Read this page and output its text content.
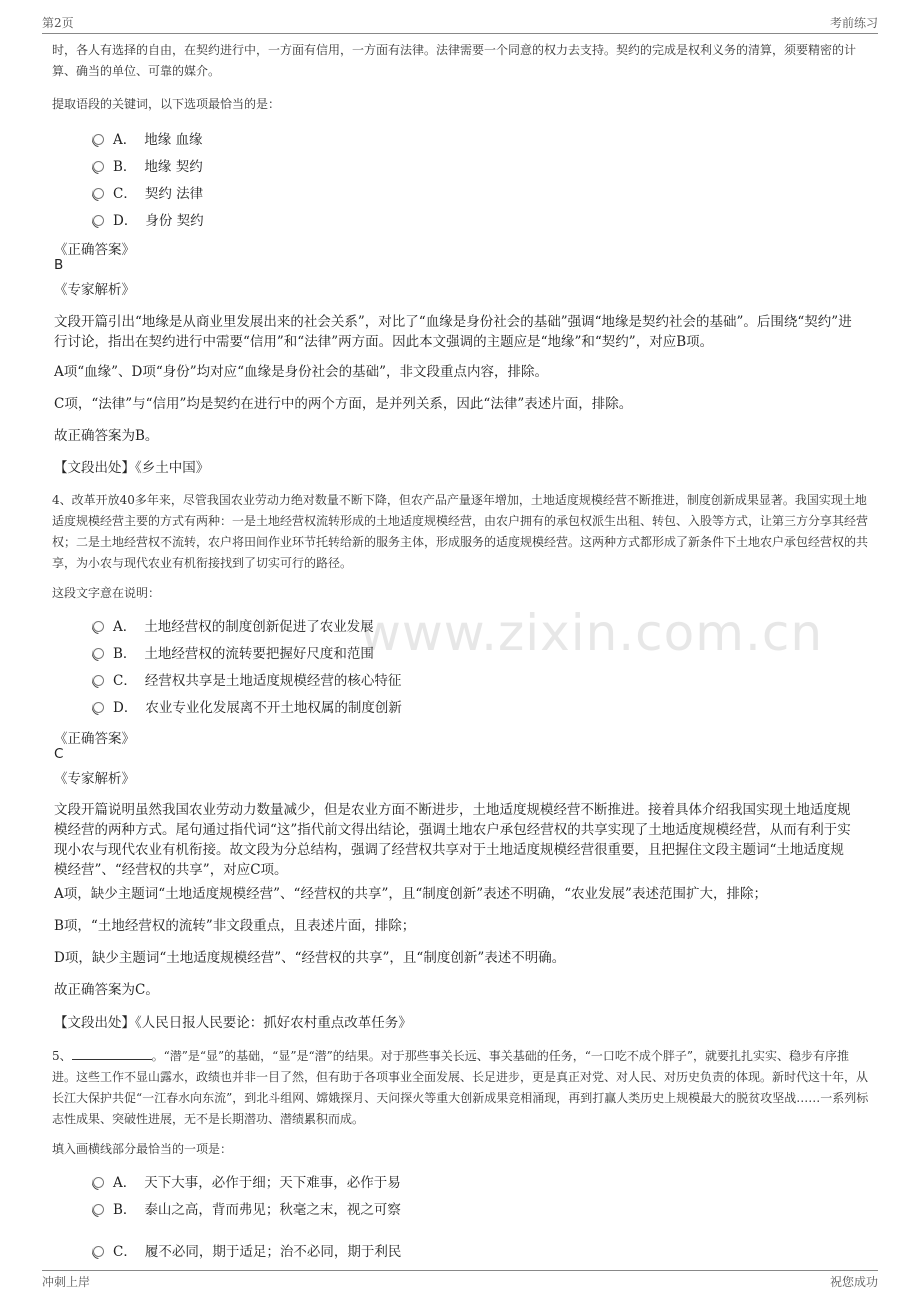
第2页	考前练习
www.zixin.com.cn
时，各人有选择的自由，在契约进行中，一方面有信用，一方面有法律。法律需要一个同意的权力去支持。契约的完成是权利义务的清算，须要精密的计算、确当的单位、可靠的媒介。
提取语段的关键词，以下选项最恰当的是：
A． 地缘 血缘
B． 地缘 契约
C． 契约 法律
D． 身份 契约
《正确答案》
B
《专家解析》
文段开篇引出“地缘是从商业里发展出来的社会关系”，对比了“血缘是身份社会的基础”强调“地缘是契约社会的基础”。后围绕“契约”进行讨论，指出在契约进行中需要“信用”和“法律”两方面。因此本文强调的主题应是“地缘”和“契约”，对应B项。
A项“血缘”、D项“身份”均对应“血缘是身份社会的基础”，非文段重点内容，排除。
C项，“法律”与“信用”均是契约在进行中的两个方面，是并列关系，因此“法律”表述片面，排除。
故正确答案为B。
【文段出处】《乡土中国》
4、改革开放40多年来，尽管我国农业劳动力绝对数量不断下降，但农产品产量逐年增加，土地适度规模经营不断推进，制度创新成果显著。我国实现土地适度规模经营主要的方式有两种：一是土地经营权流转形成的土地适度规模经营，由农户拥有的承包权派生出租、转包、入股等方式，让第三方分享其经营权；二是土地经营权不流转，农户将田间作业环节托转给新的服务主体，形成服务的适度规模经营。这两种方式都形成了新条件下土地农户承包经营权的共享，为小农与现代农业有机衔接找到了切实可行的路径。
这段文字意在说明：
A． 土地经营权的制度创新促进了农业发展
B． 土地经营权的流转要把握好尺度和范围
C． 经营权共享是土地适度规模经营的核心特征
D． 农业专业化发展离不开土地权属的制度创新
《正确答案》
C
《专家解析》
文段开篇说明虽然我国农业劳动力数量减少，但是农业方面不断进步，土地适度规模经营不断推进。接着具体介绍我国实现土地适度规模经营的两种方式。尾句通过指代词“这”指代前文得出结论，强调土地农户承包经营权的共享实现了土地适度规模经营，从而有利于实现小农与现代农业有机衔接。故文段为分总结构，强调了经营权共享对于土地适度规模经营很重要，且把握住文段主题词“土地适度规模经营”、“经营权的共享”，对应C项。
A项，缺少主题词“土地适度规模经营”、“经营权的共享”，且“制度创新”表述不明确，“农业发展”表述范围扩大，排除；
B项，“土地经营权的流转”非文段重点，且表述片面，排除；
D项，缺少主题词“土地适度规模经营”、“经营权的共享”，且“制度创新”表述不明确。
故正确答案为C。
【文段出处】《人民日报人民要论：抓好农村重点改革任务》
5、	。“潜”是“显”的基础，“显”是“潜”的结果。对于那些事关长远、事关基础的任务，“一口吃不成个胖子”，就要扎扎实实、稳步有序推进。这些工作不显山露水，政绩也并非一目了然，但有助于各项事业全面发展、长足进步，更是真正对党、对人民、对历史负责的体现。新时代这十年，从长江大保护共促“一江春水向东流”，到北斗组网、嫦娥探月、天问探火等重大创新成果竞相涌现，再到打赢人类历史上规模最大的脱贫攻坚战……一系列标志性成果、突破性进展，无不是长期潜功、潜绩累积而成。
填入画横线部分最恰当的一项是：
A． 天下大事，必作于细；天下难事，必作于易
B． 泰山之高，背而弗见；秋毫之末，视之可察
C． 履不必同，期于适足；治不必同，期于利民
冲刺上岸	祝您成功
